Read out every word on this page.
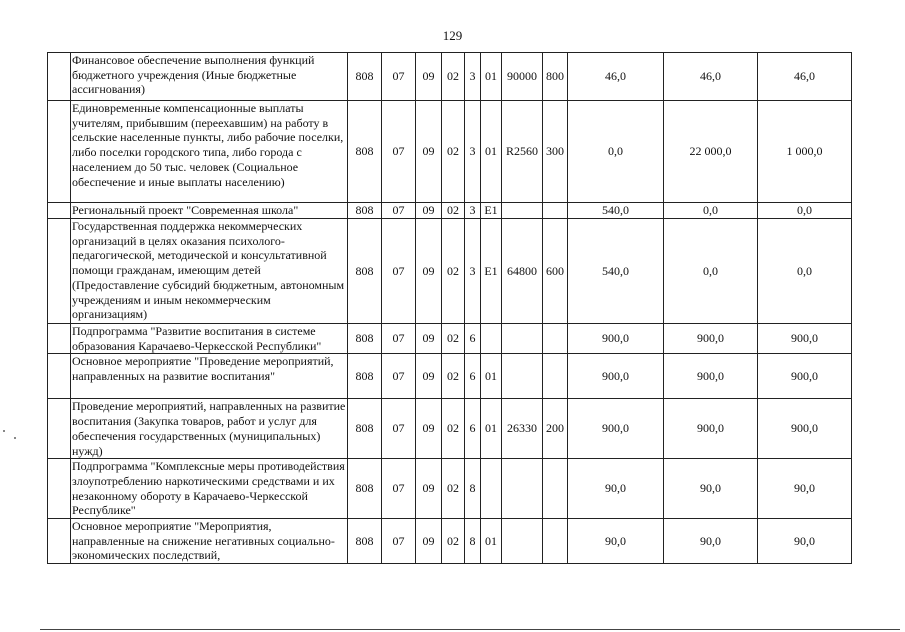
129
	Финансовое обеспечение выполнения функций бюджетного учреждения (Иные бюджетные ассигнования)	808	07	09	02	3	01	90000	800	46,0	46,0	46,0
	Единовременные компенсационные выплаты учителям, прибывшим (переехавшим) на работу в сельские населенные пункты, либо рабочие поселки, либо поселки городского типа, либо города с населением до 50 тыс. человек (Социальное обеспечение и иные выплаты населению)	808	07	09	02	3	01	R2560	300	0,0	22 000,0	1 000,0
	Региональный проект "Современная школа"	808	07	09	02	3	E1			540,0	0,0	0,0
	Государственная поддержка некоммерческих организаций в целях оказания психолого-педагогической, методической и консультативной помощи гражданам, имеющим детей (Предоставление субсидий бюджетным, автономным учреждениям и иным некоммерческим организациям)	808	07	09	02	3	E1	64800	600	540,0	0,0	0,0
	Подпрограмма "Развитие воспитания в системе образования Карачаево-Черкесской Республики"	808	07	09	02	6				900,0	900,0	900,0
	Основное мероприятие "Проведение мероприятий, направленных на развитие воспитания"	808	07	09	02	6	01			900,0	900,0	900,0
	Проведение мероприятий, направленных на развитие воспитания (Закупка товаров, работ и услуг для обеспечения государственных (муниципальных) нужд)	808	07	09	02	6	01	26330	200	900,0	900,0	900,0
	Подпрограмма "Комплексные меры противодействия злоупотреблению наркотическими средствами и их незаконному обороту в Карачаево-Черкесской Республике"	808	07	09	02	8				90,0	90,0	90,0
	Основное мероприятие "Мероприятия, направленные на снижение негативных социально-экономических последствий,	808	07	09	02	8	01			90,0	90,0	90,0
